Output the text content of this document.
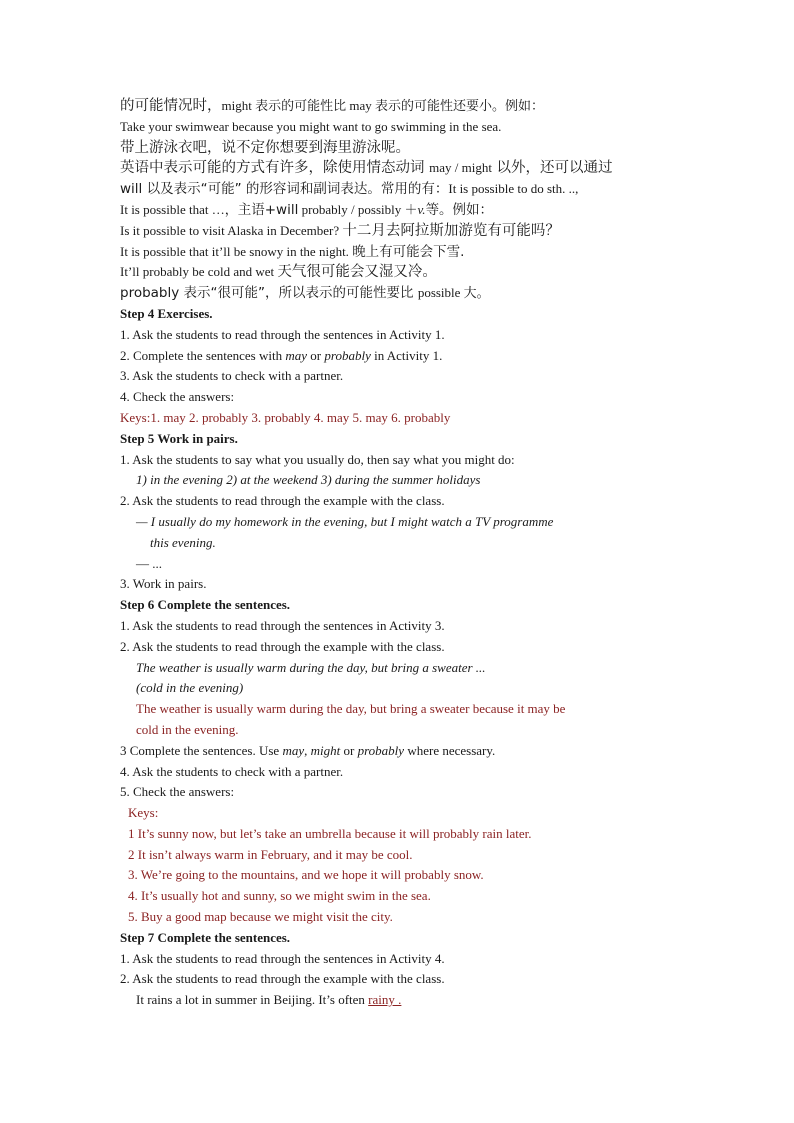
的可能情况时，might 表示的可能性比 may 表示的可能性还要小。例如：
Take your swimwear because you might want to go swimming in the sea.
带上游泳衣吧，说不定你想要到海里游泳呢。
英语中表示可能的方式有许多，除使用情态动词 may / might 以外，还可以通过
will 以及表示“可能” 的形容词和副词表达。常用的有：It is possible to do sth. ..,
It is possible that …，主语+will probably / possibly ＋v.等。例如：
Is it possible to visit Alaska in December? 十二月去阿拉斯加游览有可能吗？
It is possible that it’ll be snowy in the night. 晚上有可能会下雪.
It’ll probably be cold and wet 天气很可能会又湿又冷。
probably 表示“很可能”，所以表示的可能性要比 possible 大。
Step 4 Exercises.
1. Ask the students to read through the sentences in Activity 1.
2. Complete the sentences with may or probably in Activity 1.
3. Ask the students to check with a partner.
4. Check the answers:
Keys:1. may 2. probably 3. probably 4. may 5. may 6. probably
Step 5 Work in pairs.
1. Ask the students to say what you usually do, then say what you might do:
1) in the evening 2) at the weekend 3) during the summer holidays
2. Ask the students to read through the example with the class.
— I usually do my homework in the evening, but I might watch a TV programme
this evening.
— ...
3. Work in pairs.
Step 6 Complete the sentences.
1. Ask the students to read through the sentences in Activity 3.
2. Ask the students to read through the example with the class.
The weather is usually warm during the day, but bring a sweater ...
(cold in the evening)
The weather is usually warm during the day, but bring a sweater because it may be
cold in the evening.
3 Complete the sentences. Use may, might or probably where necessary.
4. Ask the students to check with a partner.
5. Check the answers:
Keys:
1 It’s sunny now, but let’s take an umbrella because it will probably rain later.
2 It isn’t always warm in February, and it may be cool.
3. We’re going to the mountains, and we hope it will probably snow.
4. It’s usually hot and sunny, so we might swim in the sea.
5. Buy a good map because we might visit the city.
Step 7 Complete the sentences.
1. Ask the students to read through the sentences in Activity 4.
2. Ask the students to read through the example with the class.
It rains a lot in summer in Beijing. It’s often rainy .
